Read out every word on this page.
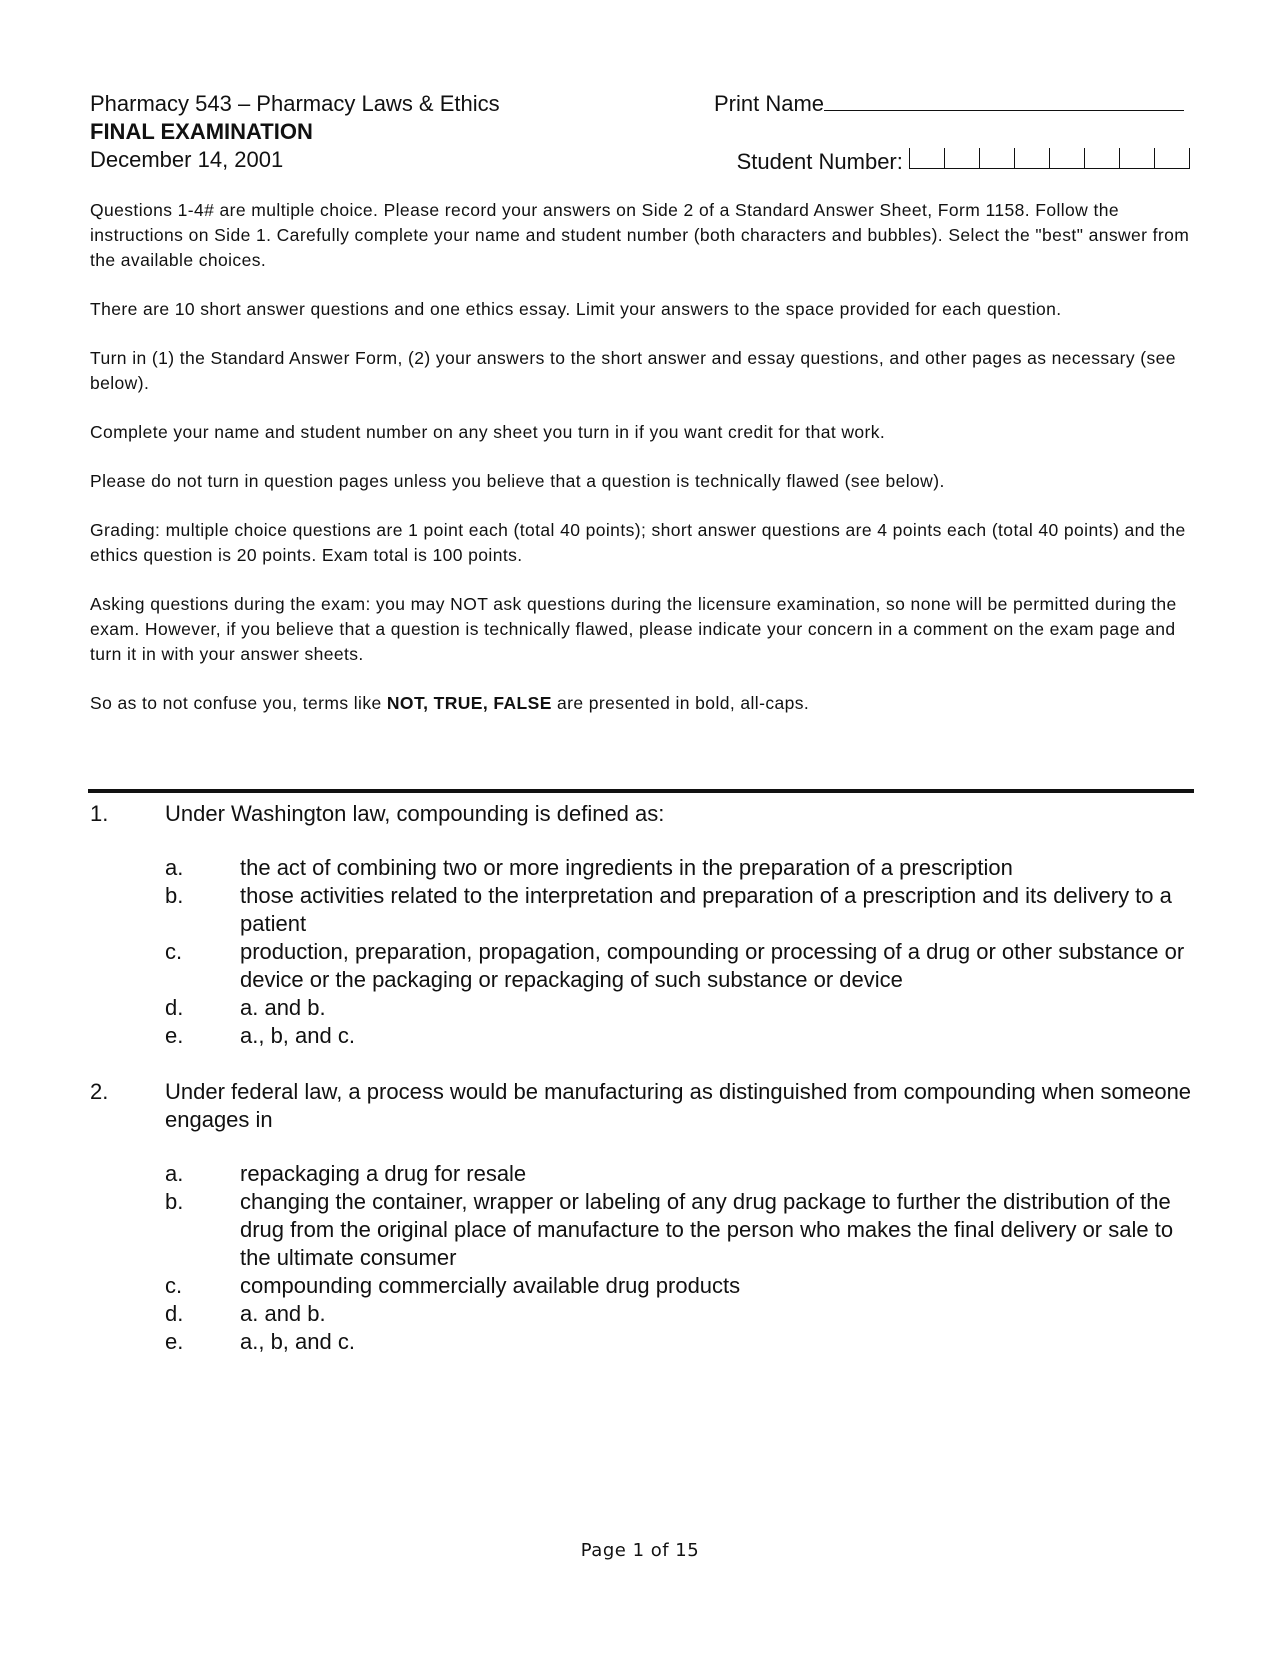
Pharmacy 543 – Pharmacy Laws & Ethics
FINAL EXAMINATION
December 14, 2001
Print Name
Student Number:

Questions 1-4# are multiple choice. Please record your answers on Side 2 of a Standard Answer Sheet, Form 1158. Follow the instructions on Side 1. Carefully complete your name and student number (both characters and bubbles). Select the "best" answer from the available choices.

There are 10 short answer questions and one ethics essay. Limit your answers to the space provided for each question.

Turn in (1) the Standard Answer Form, (2) your answers to the short answer and essay questions, and other pages as necessary (see below).

Complete your name and student number on any sheet you turn in if you want credit for that work.

Please do not turn in question pages unless you believe that a question is technically flawed (see below).

Grading: multiple choice questions are 1 point each (total 40 points); short answer questions are 4 points each (total 40 points) and the ethics question is 20 points. Exam total is 100 points.

Asking questions during the exam: you may NOT ask questions during the licensure examination, so none will be permitted during the exam. However, if you believe that a question is technically flawed, please indicate your concern in a comment on the exam page and turn it in with your answer sheets.

So as to not confuse you, terms like NOT, TRUE, FALSE are presented in bold, all-caps.

1.	Under Washington law, compounding is defined as:
a.	the act of combining two or more ingredients in the preparation of a prescription
b.	those activities related to the interpretation and preparation of a prescription and its delivery to a patient
c.	production, preparation, propagation, compounding or processing of a drug or other substance or device or the packaging or repackaging of such substance or device
d.	a. and b.
e.	a., b, and c.
2.	Under federal law, a process would be manufacturing as distinguished from compounding when someone engages in
a.	repackaging a drug for resale
b.	changing the container, wrapper or labeling of any drug package to further the distribution of the drug from the original place of manufacture to the person who makes the final delivery or sale to the ultimate consumer
c.	compounding commercially available drug products
d.	a. and b.
e.	a., b, and c.
Page 1 of 15
